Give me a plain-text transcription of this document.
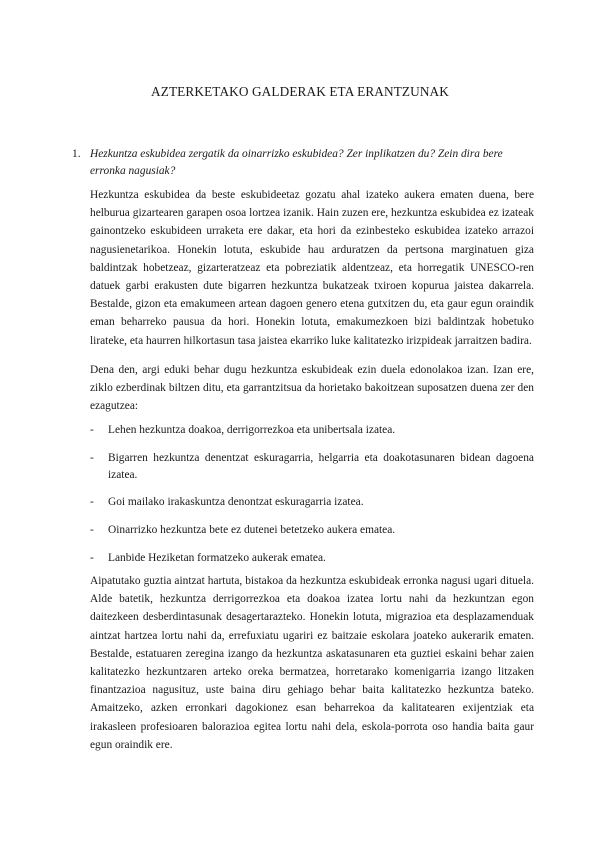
AZTERKETAKO GALDERAK ETA ERANTZUNAK
1. Hezkuntza eskubidea zergatik da oinarrizko eskubidea? Zer inplikatzen du? Zein dira bere erronka nagusiak?

Hezkuntza eskubidea da beste eskubideetaz gozatu ahal izateko aukera ematen duena, bere helburua gizartearen garapen osoa lortzea izanik. Hain zuzen ere, hezkuntza eskubidea ez izateak gainontzeko eskubideen urraketa ere dakar, eta hori da ezinbesteko eskubidea izateko arrazoi nagusienetarikoa. Honekin lotuta, eskubide hau arduratzen da pertsona marginatuen giza baldintzak hobetzeaz, gizarteratzeaz eta pobreziatik aldentzeaz, eta horregatik UNESCO-ren datuek garbi erakusten dute bigarren hezkuntza bukatzeak txiroen kopurua jaistea dakarrela. Bestalde, gizon eta emakumeen artean dagoen genero etena gutxitzen du, eta gaur egun oraindik eman beharreko pausua da hori. Honekin lotuta, emakumezkoen bizi baldintzak hobetuko lirateke, eta haurren hilkortasun tasa jaistea ekarriko luke kalitatezko irizpideak jarraitzen badira.

Dena den, argi eduki behar dugu hezkuntza eskubideak ezin duela edonolakoa izan. Izan ere, ziklo ezberdinak biltzen ditu, eta garrantzitsua da horietako bakoitzean suposatzen duena zer den ezagutzea:

- Lehen hezkuntza doakoa, derrigorrezkoa eta unibertsala izatea.
- Bigarren hezkuntza denentzat eskuragarria, helgarria eta doakotasunaren bidean dagoena izatea.
- Goi mailako irakaskuntza denontzat eskuragarria izatea.
- Oinarrizko hezkuntza bete ez dutenei betetzeko aukera ematea.
- Lanbide Heziketan formatzeko aukerak ematea.

Aipatutako guztia aintzat hartuta, bistakoa da hezkuntza eskubideak erronka nagusi ugari dituela. Alde batetik, hezkuntza derrigorrezkoa eta doakoa izatea lortu nahi da hezkuntzan egon daitezkeen desberdintasunak desagertarazteko. Honekin lotuta, migrazioa eta desplazamenduak aintzat hartzea lortu nahi da, errefuxiatu ugariri ez baitzaie eskolara joateko aukerarik ematen. Bestalde, estatuaren zeregina izango da hezkuntza askatasunaren eta guztiei eskaini behar zaien kalitatezko hezkuntzaren arteko oreka bermatzea, horretarako komenigarria izango litzaken finantzazioa nagusituz, uste baina diru gehiago behar baita kalitatezko hezkuntza bateko. Amaitzeko, azken erronkari dagokionez esan beharrekoa da kalitatearen exijentziak eta irakasleen profesioaren balorazioa egitea lortu nahi dela, eskola-porrota oso handia baita gaur egun oraindik ere.
